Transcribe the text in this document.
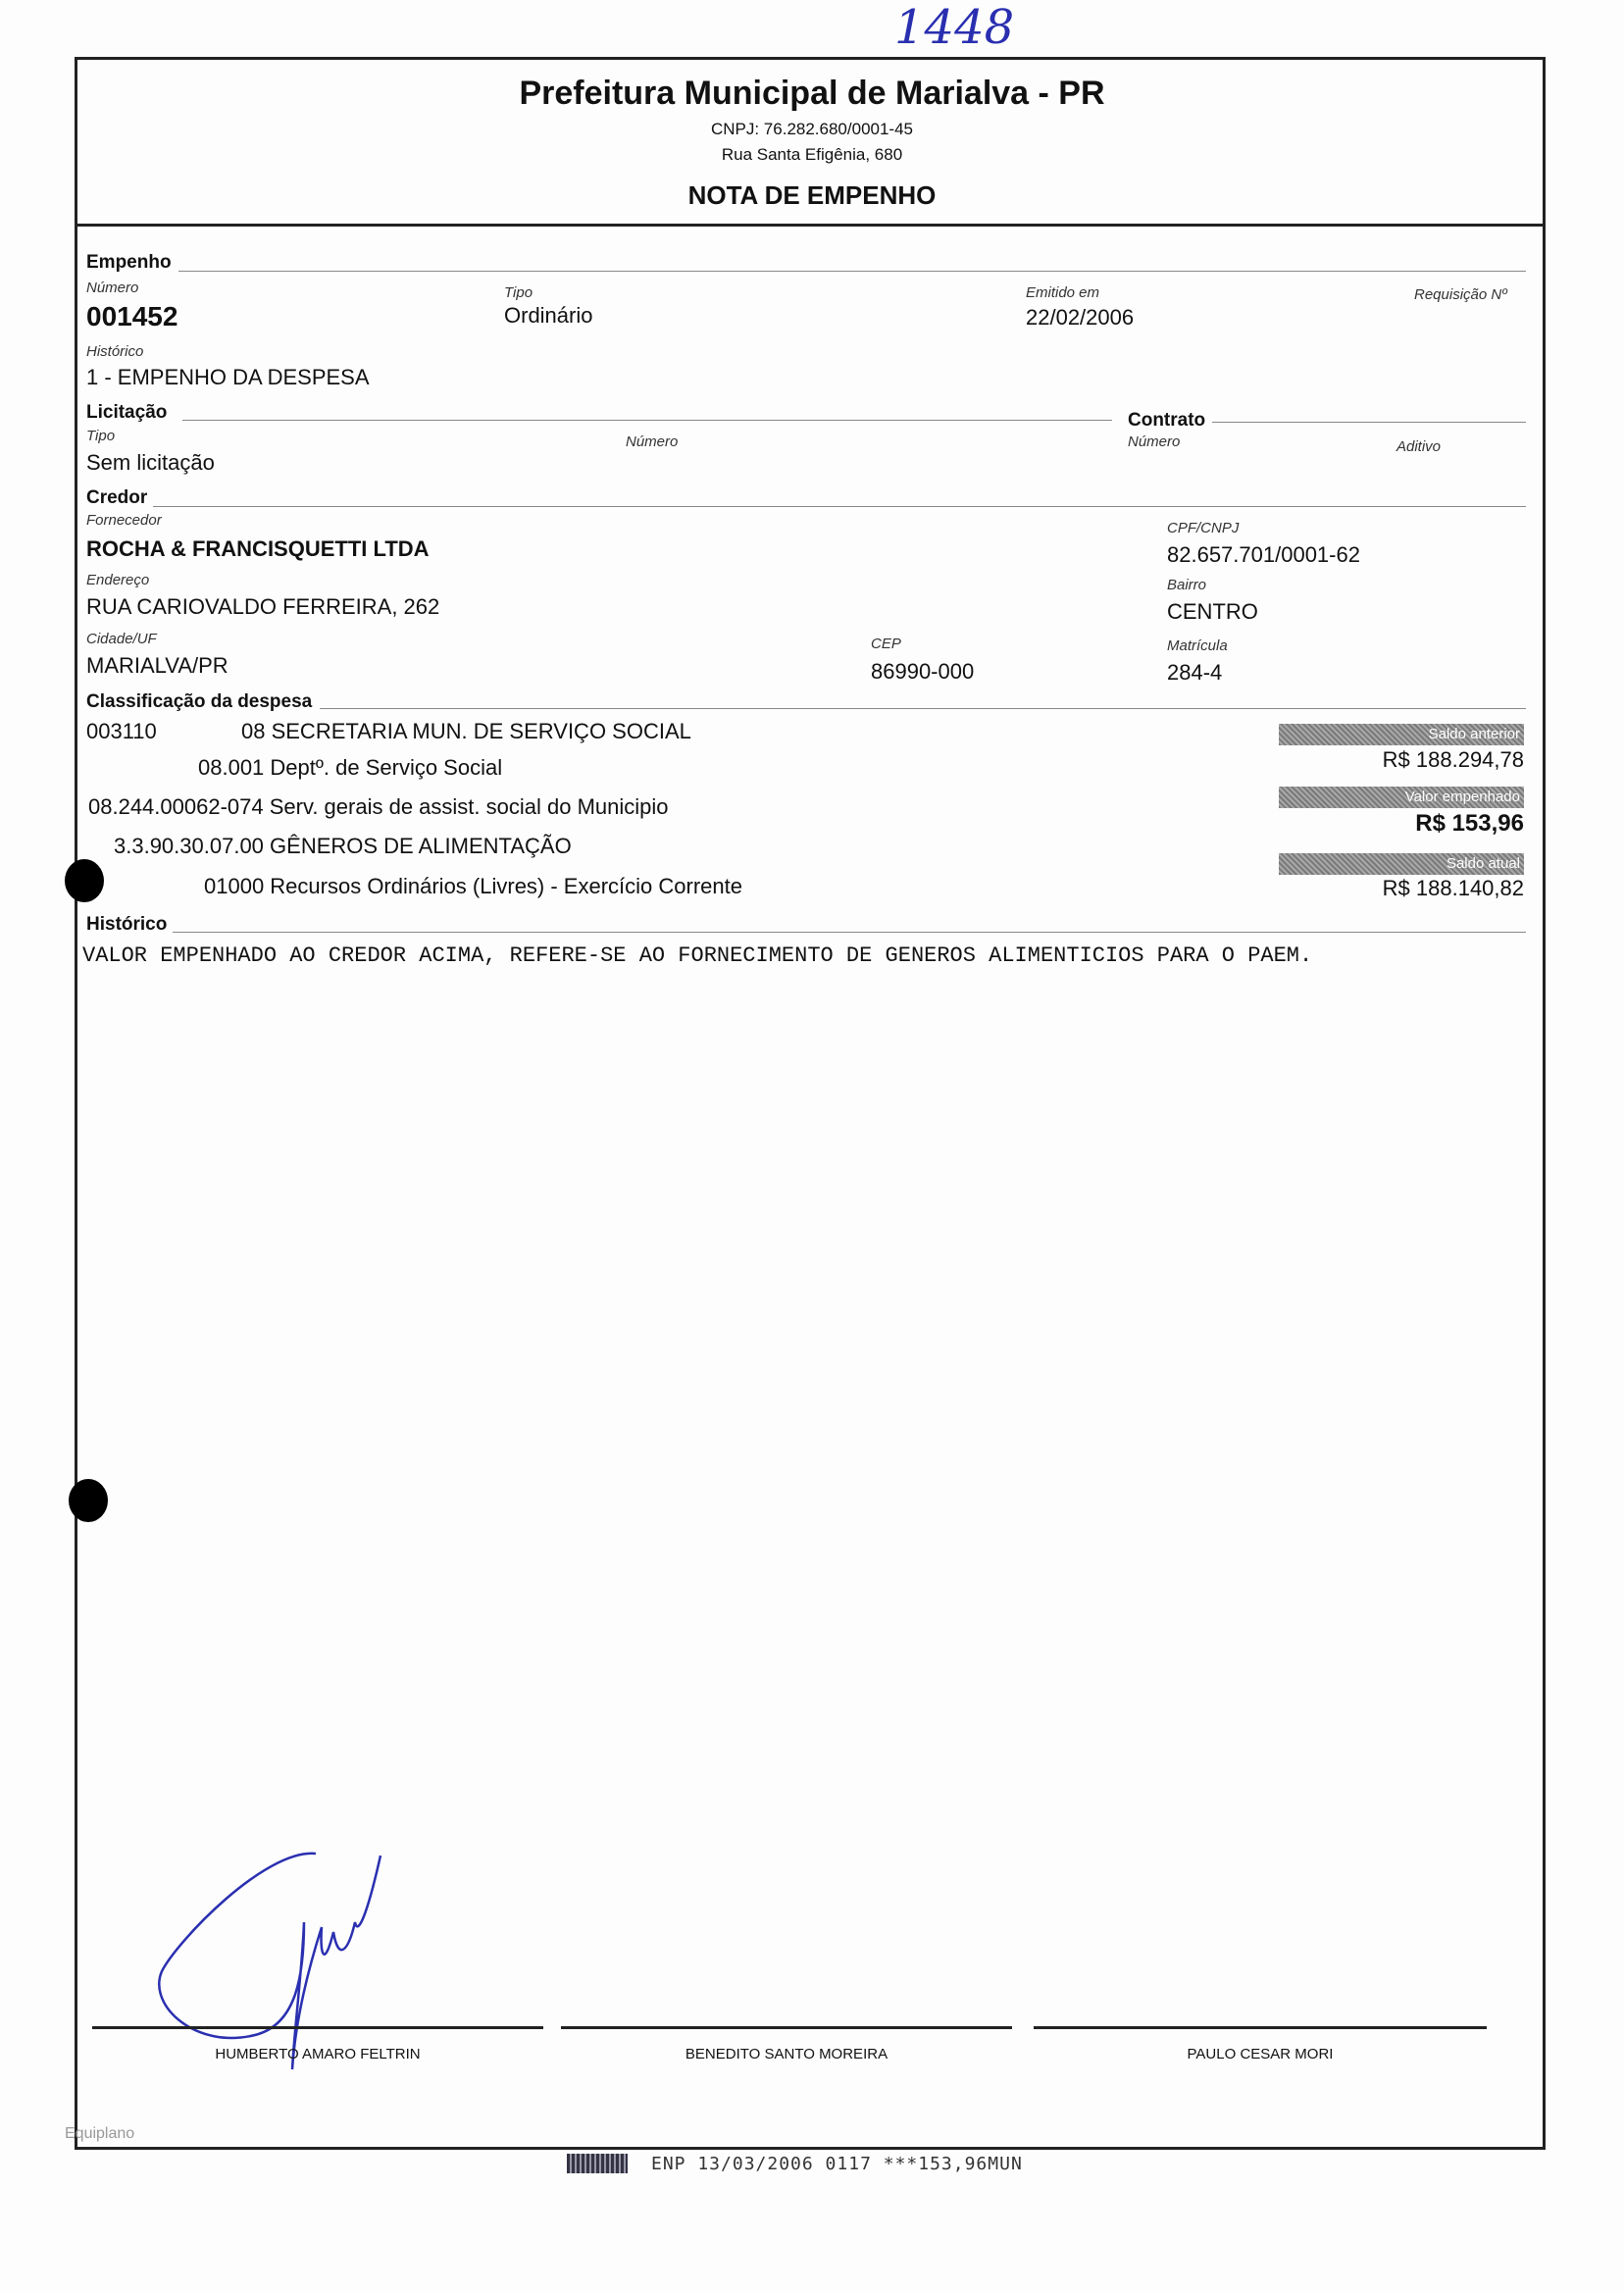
1448
Prefeitura Municipal de Marialva - PR
CNPJ: 76.282.680/0001-45
Rua Santa Efigênia, 680
NOTA DE EMPENHO
Empenho
Número
001452
Tipo
Ordinário
Emitido em
22/02/2006
Requisição Nº
Histórico
1 - EMPENHO DA DESPESA
Licitação	Contrato
Tipo
Sem licitação
Número	Número	Aditivo
Credor
Fornecedor
ROCHA & FRANCISQUETTI LTDA
CPF/CNPJ
82.657.701/0001-62
Endereço
RUA CARIOVALDO FERREIRA, 262
Bairro
CENTRO
Cidade/UF
MARIALVA/PR
CEP
86990-000
Matrícula
284-4
Classificação da despesa
003110	08 SECRETARIA MUN. DE SERVIÇO SOCIAL
08.001 Deptº. de Serviço Social
08.244.00062-074 Serv. gerais de assist. social do Municipio
3.3.90.30.07.00 GÊNEROS DE ALIMENTAÇÃO
01000 Recursos Ordinários (Livres) - Exercício Corrente
Saldo anterior
R$ 188.294,78
Valor empenhado
R$ 153,96
Saldo atual
R$ 188.140,82
Histórico
VALOR EMPENHADO AO CREDOR ACIMA, REFERE-SE AO FORNECIMENTO DE GENEROS ALIMENTICIOS PARA O PAEM.
HUMBERTO AMARO FELTRIN	BENEDITO SANTO MOREIRA	PAULO CESAR MORI
Equiplano
ENP 13/03/2006 0117 ***153,96MUN
